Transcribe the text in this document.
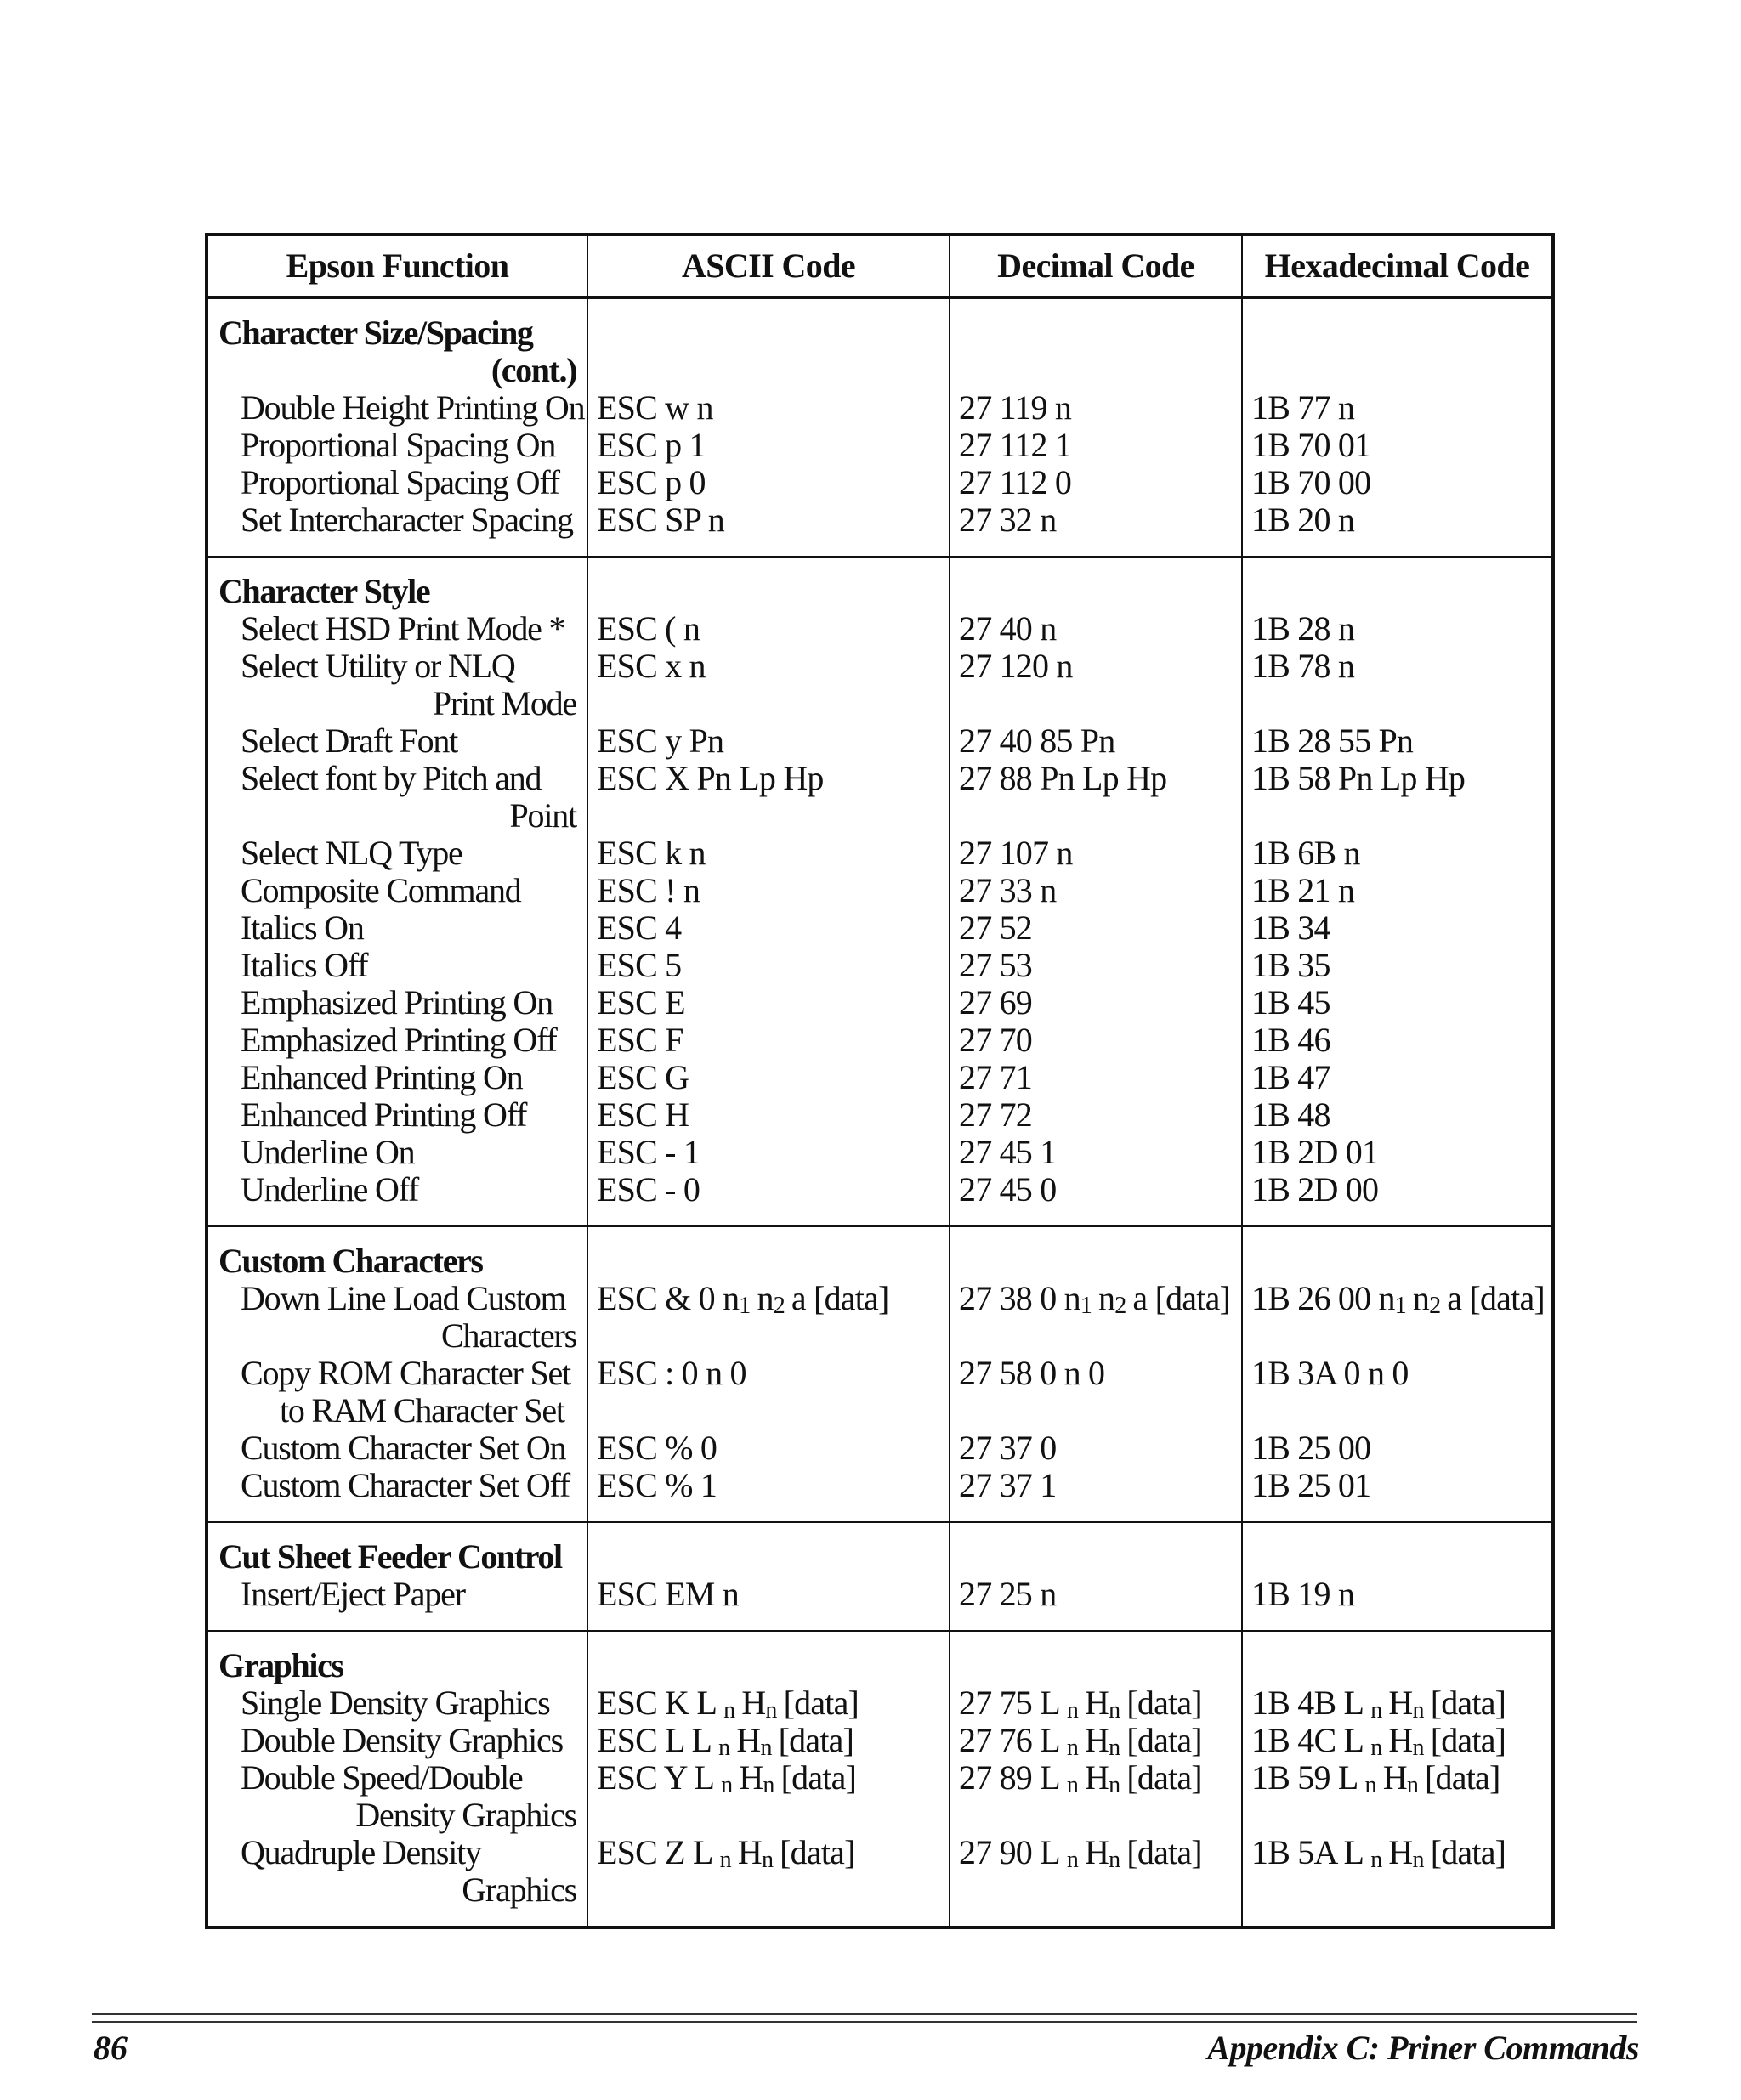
Epson Function	ASCII Code	Decimal Code	Hexadecimal Code
Character Size/Spacing
(cont.)			

Double Height Printing On	ESC w n	27 119 n	1B 77 n

Proportional Spacing On	ESC p 1	27 112 1	1B 70 01

Proportional Spacing Off	ESC p 0	27 112 0	1B 70 00

Set Intercharacter Spacing	ESC SP n	27 32 n	1B 20 n
Character Style			

Select HSD Print Mode *	ESC ( n	27 40 n	1B 28 n

Select Utility or NLQ
Print Mode	ESC x n	27 120 n	1B 78 n

Select Draft Font	ESC y Pn	27 40 85 Pn	1B 28 55 Pn

Select font by Pitch and
Point	ESC X Pn Lp Hp	27 88 Pn Lp Hp	1B 58 Pn Lp Hp

Select NLQ Type	ESC k n	27 107 n	1B 6B n

Composite Command	ESC ! n	27 33 n	1B 21 n

Italics On	ESC 4	27 52	1B 34

Italics Off	ESC 5	27 53	1B 35

Emphasized Printing On	ESC E	27 69	1B 45

Emphasized Printing Off	ESC F	27 70	1B 46

Enhanced Printing On	ESC G	27 71	1B 47

Enhanced Printing Off	ESC H	27 72	1B 48

Underline On	ESC - 1	27 45 1	1B 2D 01

Underline Off	ESC - 0	27 45 0	1B 2D 00
Custom Characters			

Down Line Load Custom
Characters	ESC & 0 $n_1$ $n_2$ a [data]	27 38 0 $n_1$ $n_2$ a [data]	1B 26 00 $n_1$ $n_2$ a [data]

Copy ROM Character Set
to RAM Character Set	ESC : 0 n 0	27 58 0 n 0	1B 3A 0 n 0

Custom Character Set On	ESC % 0	27 37 0	1B 25 00

Custom Character Set Off	ESC % 1	27 37 1	1B 25 01
Cut Sheet Feeder Control			

Insert/Eject Paper	ESC EM n	27 25 n	1B 19 n
Graphics			

Single Density Graphics	ESC K L $_n$ $H_n$ [data]	27 75 L $_n$ $H_n$ [data]	1B 4B L $_n$ $H_n$ [data]

Double Density Graphics	ESC L L $_n$ $H_n$ [data]	27 76 L $_n$ $H_n$ [data]	1B 4C L $_n$ $H_n$ [data]

Double Speed/Double
Density Graphics	ESC Y L $_n$ $H_n$ [data]	27 89 L $_n$ $H_n$ [data]	1B 59 L $_n$ $H_n$ [data]

Quadruple Density
Graphics	ESC Z L $_n$ $H_n$ [data]	27 90 L $_n$ $H_n$ [data]	1B 5A L $_n$ $H_n$ [data]
86	Appendix C: Priner Commands
